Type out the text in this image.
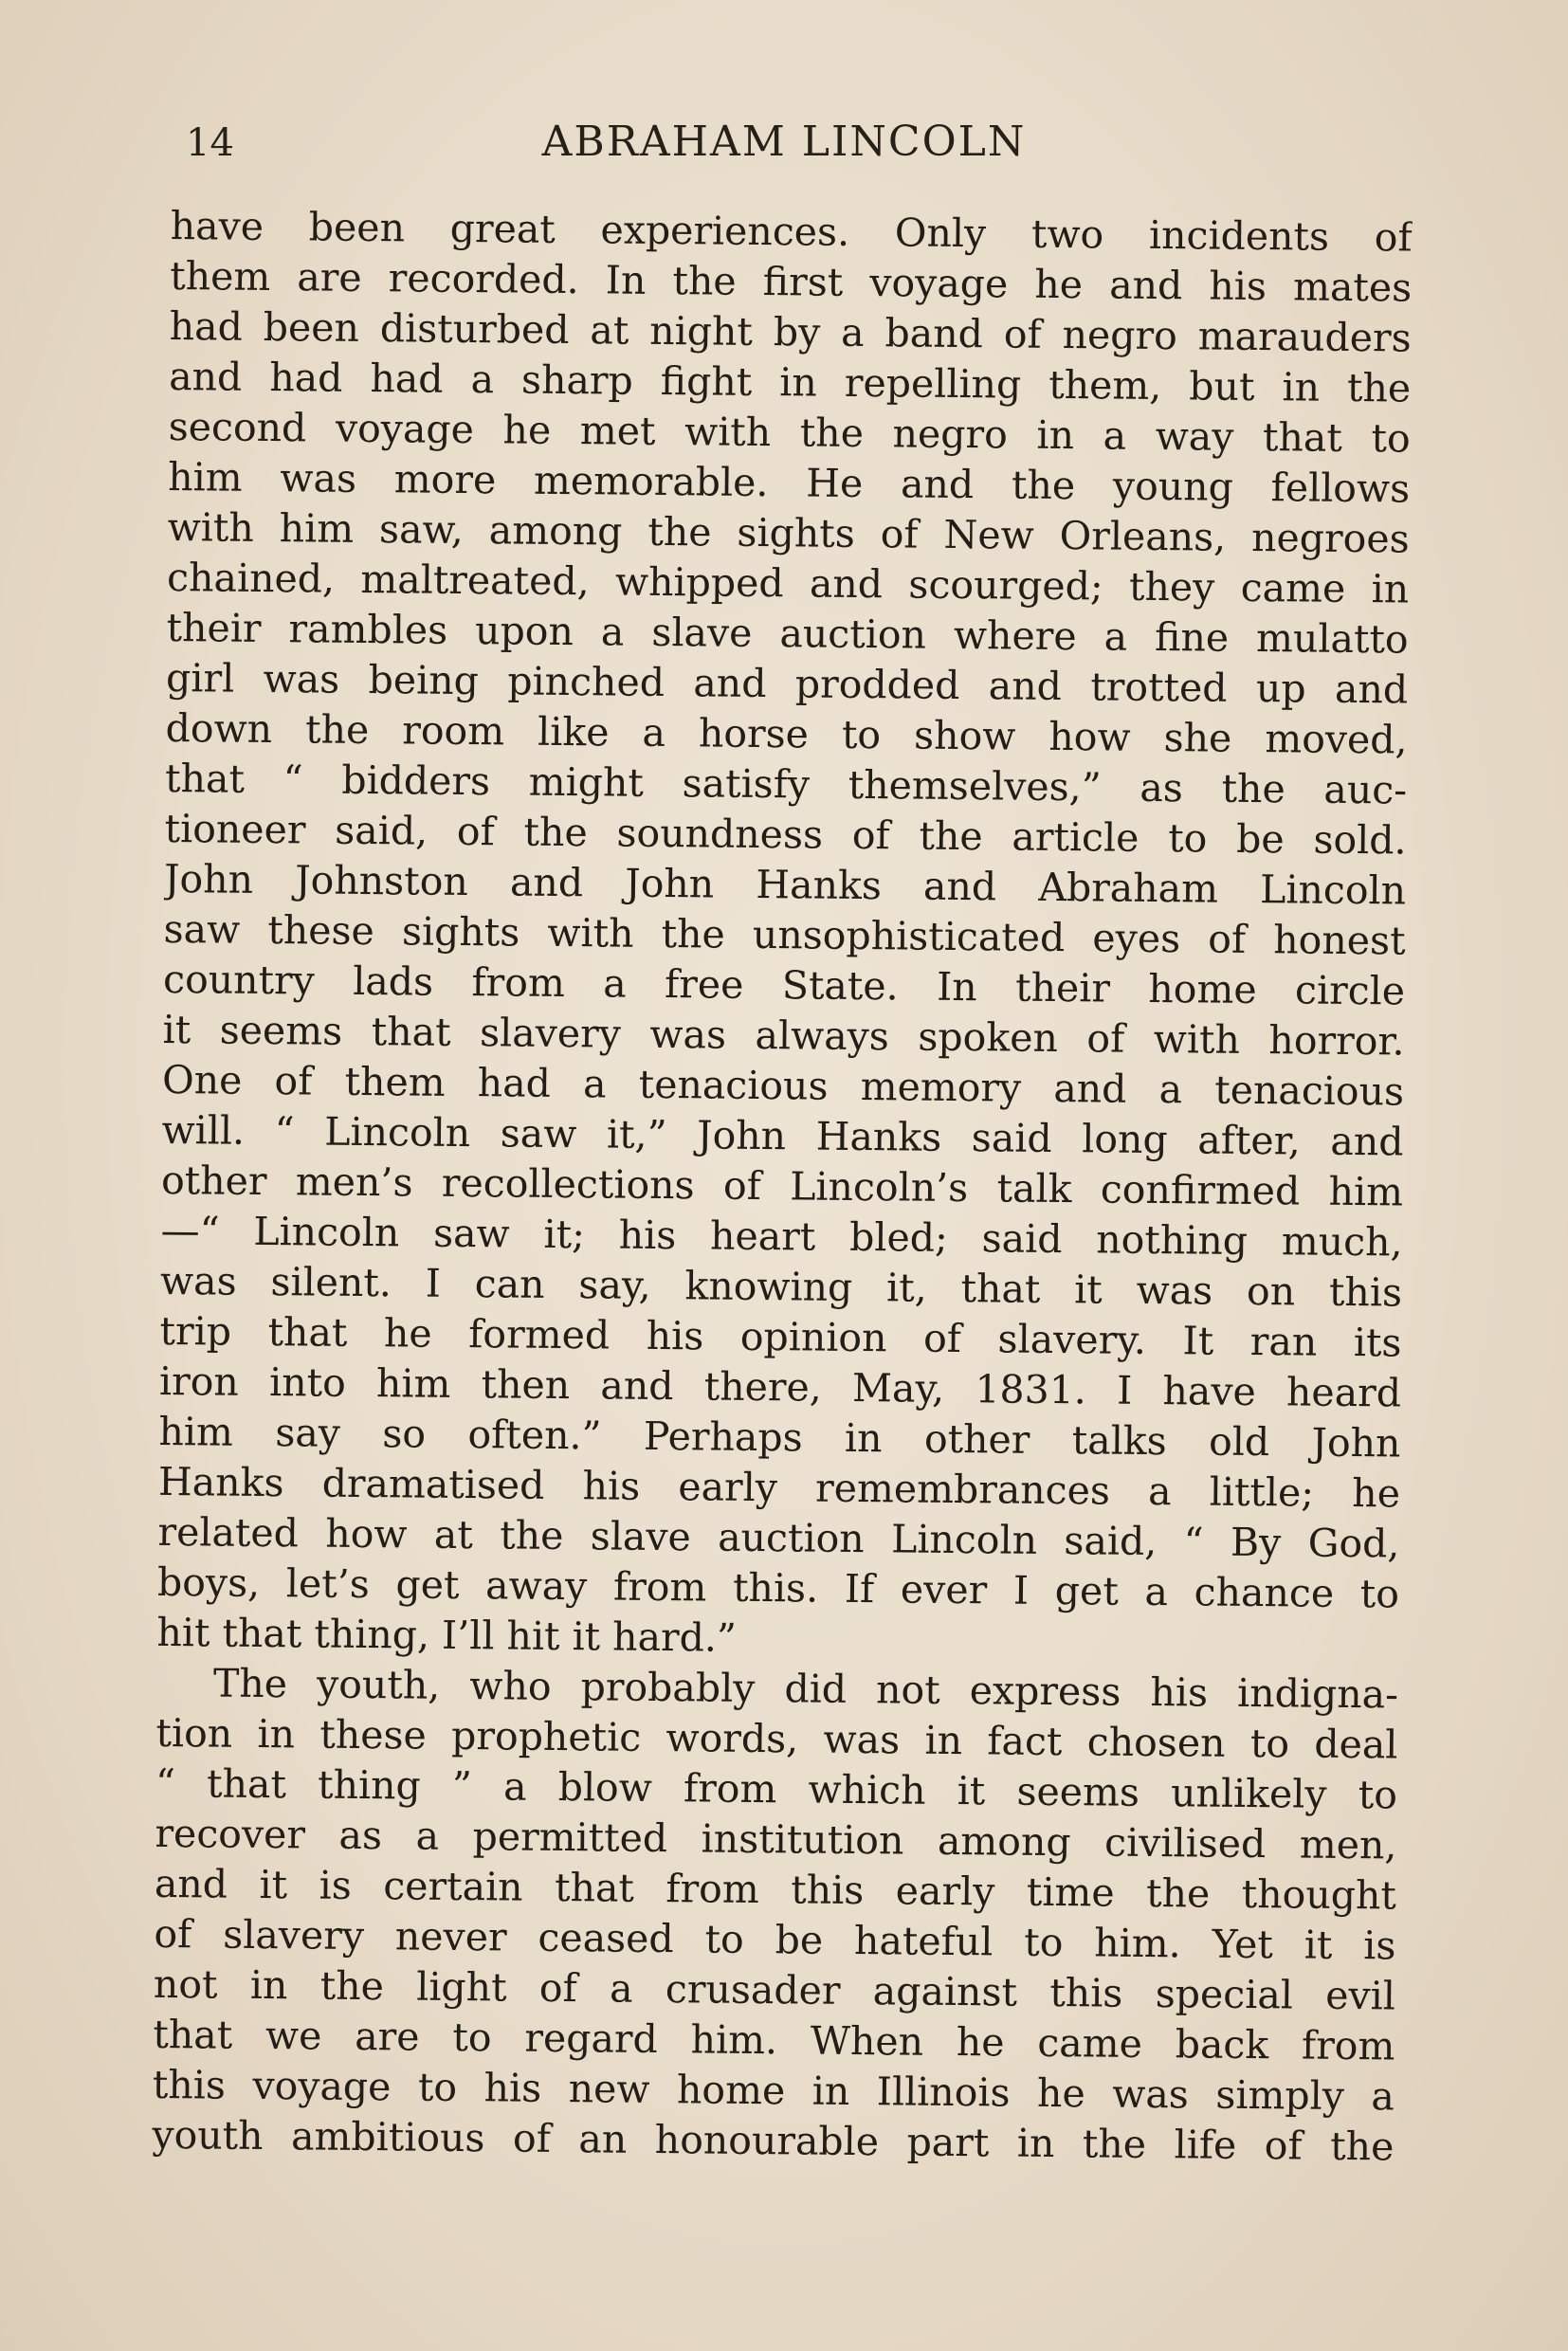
14	ABRAHAM LINCOLN
have been great experiences. Only two incidents of
them are recorded. In the first voyage he and his mates
had been disturbed at night by a band of negro marauders
and had had a sharp fight in repelling them, but in the
second voyage he met with the negro in a way that to
him was more memorable. He and the young fellows
with him saw, among the sights of New Orleans, negroes
chained, maltreated, whipped and scourged; they came in
their rambles upon a slave auction where a fine mulatto
girl was being pinched and prodded and trotted up and
down the room like a horse to show how she moved,
that “ bidders might satisfy themselves,” as the auc-
tioneer said, of the soundness of the article to be sold.
John Johnston and John Hanks and Abraham Lincoln
saw these sights with the unsophisticated eyes of honest
country lads from a free State. In their home circle
it seems that slavery was always spoken of with horror.
One of them had a tenacious memory and a tenacious
will. “ Lincoln saw it,” John Hanks said long after, and
other men’s recollections of Lincoln’s talk confirmed him
—“ Lincoln saw it; his heart bled; said nothing much,
was silent. I can say, knowing it, that it was on this
trip that he formed his opinion of slavery. It ran its
iron into him then and there, May, 1831. I have heard
him say so often.” Perhaps in other talks old John
Hanks dramatised his early remembrances a little; he
related how at the slave auction Lincoln said, “ By God,
boys, let’s get away from this. If ever I get a chance to
hit that thing, I’ll hit it hard.”
The youth, who probably did not express his indigna-
tion in these prophetic words, was in fact chosen to deal
“ that thing ” a blow from which it seems unlikely to
recover as a permitted institution among civilised men,
and it is certain that from this early time the thought
of slavery never ceased to be hateful to him. Yet it is
not in the light of a crusader against this special evil
that we are to regard him. When he came back from
this voyage to his new home in Illinois he was simply a
youth ambitious of an honourable part in the life of the
